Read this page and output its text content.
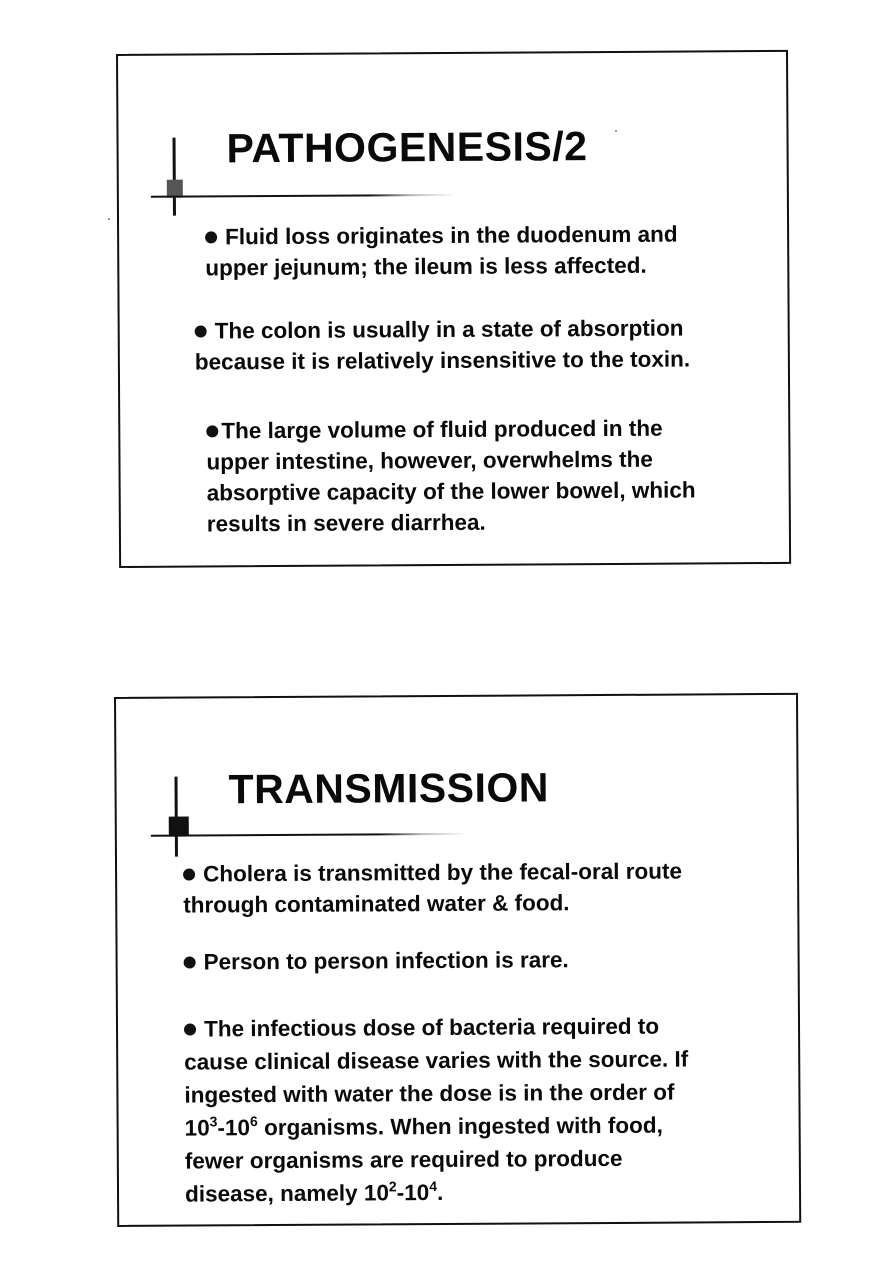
PATHOGENESIS/2

Fluid loss originates in the duodenum and
upper jejunum; the ileum is less affected.

The colon is usually in a state of absorption
because it is relatively insensitive to the toxin.

The large volume of fluid produced in the
upper intestine, however, overwhelms the
absorptive capacity of the lower bowel, which
results in severe diarrhea.

TRANSMISSION

Cholera is transmitted by the fecal-oral route
through contaminated water & food.

Person to person infection is rare.

The infectious dose of bacteria required to
cause clinical disease varies with the source. If
ingested with water the dose is in the order of
$10^3-10^6$ organisms. When ingested with food,
fewer organisms are required to produce
disease, namely $10^2-10^4$.
